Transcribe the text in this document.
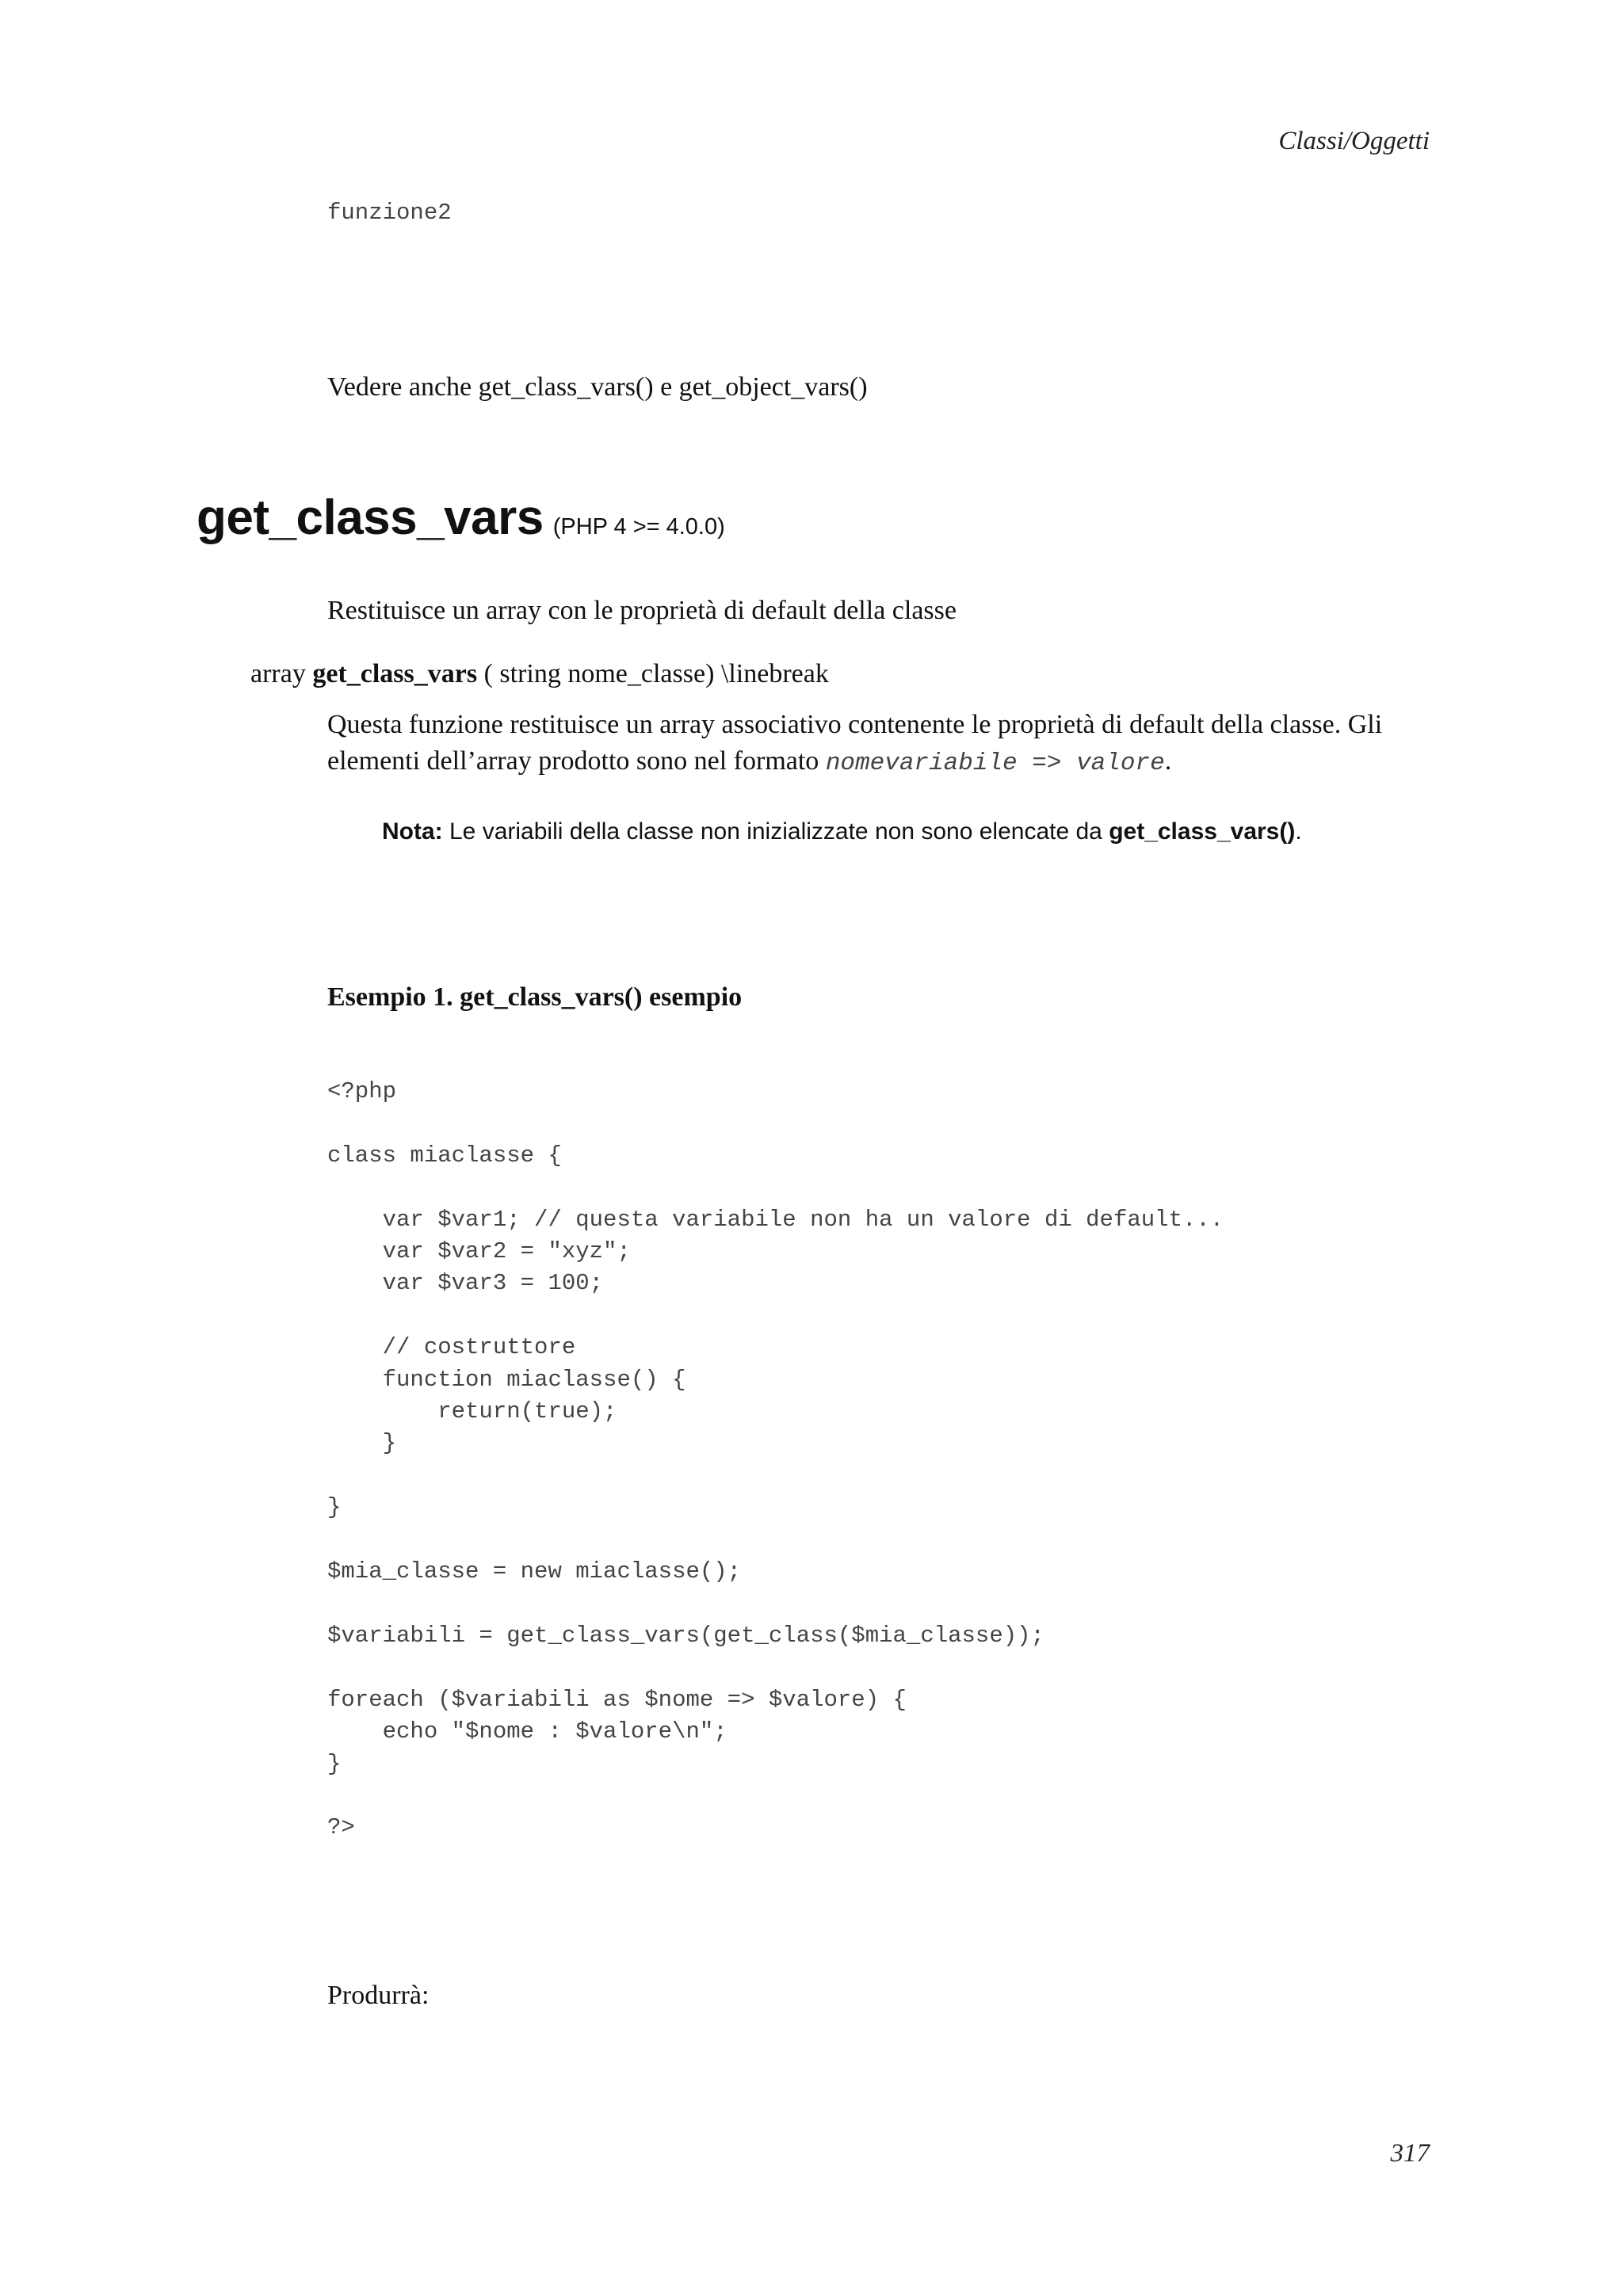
Classi/Oggetti
funzione2
Vedere anche get_class_vars() e get_object_vars()
get_class_vars (PHP 4 >= 4.0.0)
Restituisce un array con le proprietà di default della classe
array get_class_vars ( string nome_classe) \linebreak
Questa funzione restituisce un array associativo contenente le proprietà di default della classe. Gli elementi dell’array prodotto sono nel formato nomevariabile => valore.
Nota: Le variabili della classe non inizializzate non sono elencate da get_class_vars().
Esempio 1. get_class_vars() esempio
<?php

class miaclasse {

var $var1; // questa variabile non ha un valore di default...
var $var2 = "xyz";
var $var3 = 100;

// costruttore
function miaclasse() {
return(true);
}

}

$mia_classe = new miaclasse();

$variabili = get_class_vars(get_class($mia_classe));

foreach ($variabili as $nome => $valore) {
echo "$nome : $valore\n";
}

?>
Produrrà:
317
